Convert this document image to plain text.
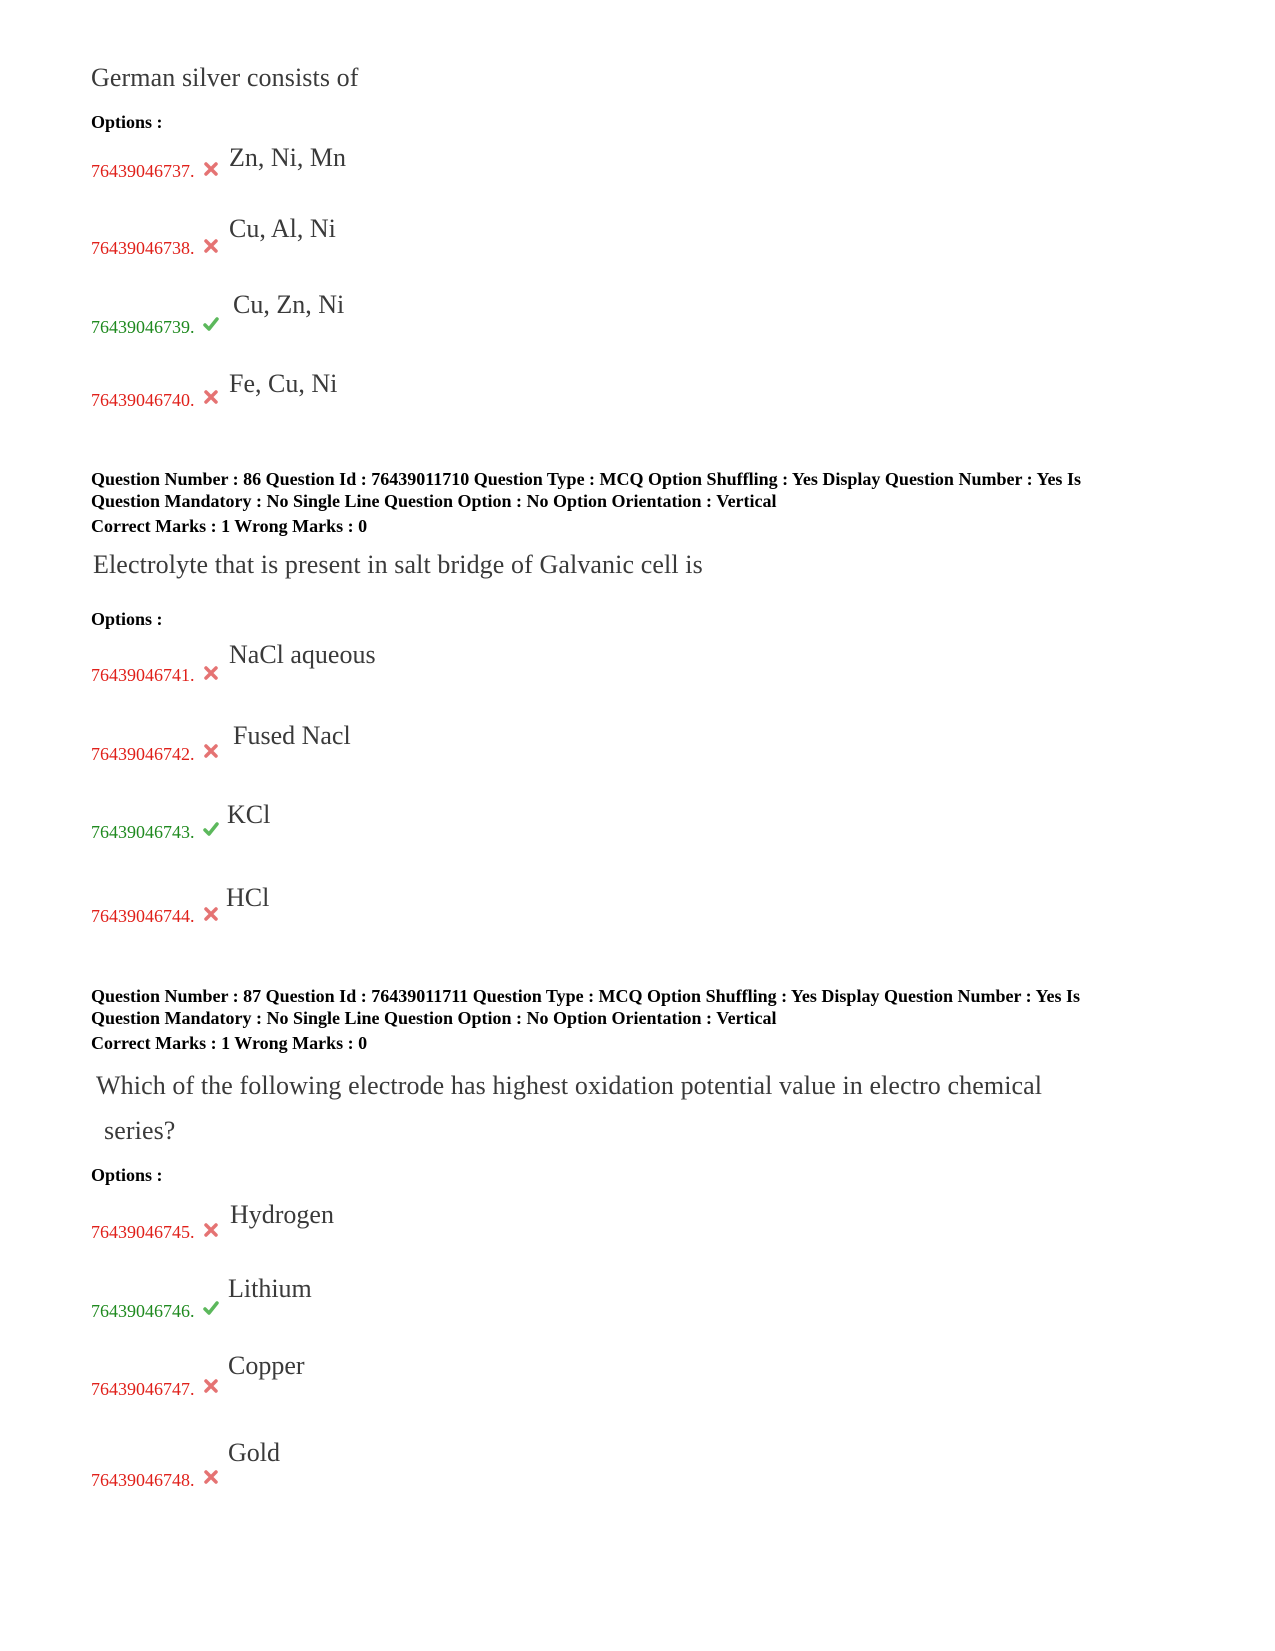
German silver consists of
Options :
76439046737. Zn, Ni, Mn
76439046738.
Cu, Al, Ni
76439046739.
Cu, Zn, Ni
76439046740.
Fe, Cu, Ni
Question Number : 86 Question Id : 76439011710 Question Type : MCQ Option Shuffling : Yes Display Question Number : Yes Is
Question Mandatory : No Single Line Question Option : No Option Orientation : Vertical
Correct Marks : 1 Wrong Marks : 0
Electrolyte that is present in salt bridge of Galvanic cell is
Options :
76439046741.
NaCl aqueous
76439046742.
Fused Nacl
76439046743.
KCl
76439046744.
HCl
Question Number : 87 Question Id : 76439011711 Question Type : MCQ Option Shuffling : Yes Display Question Number : Yes Is
Question Mandatory : No Single Line Question Option : No Option Orientation : Vertical
Correct Marks : 1 Wrong Marks : 0
Which of the following electrode has highest oxidation potential value in electro chemical
series?
Options :
76439046745.
Hydrogen
76439046746.
Lithium
76439046747.
Copper
76439046748.
Gold
